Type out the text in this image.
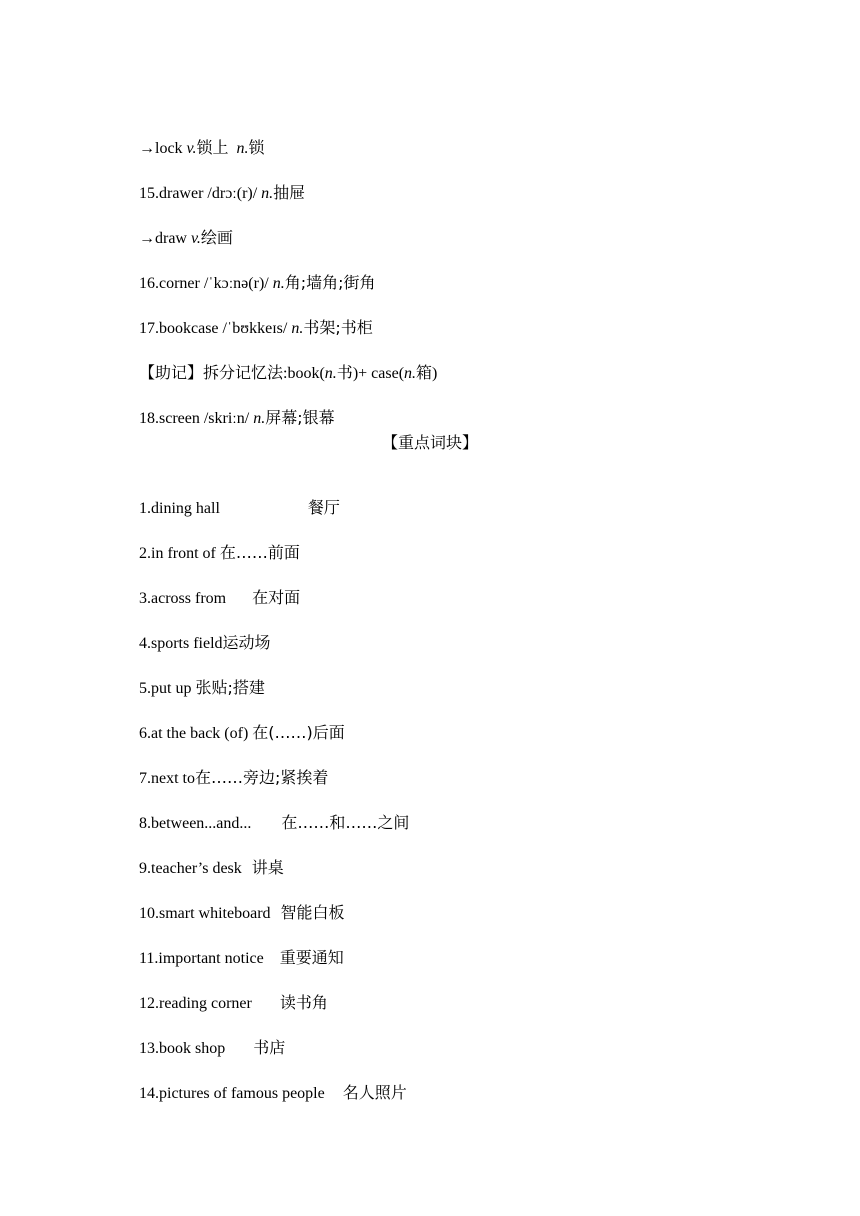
→lock v.锁上 n.锁

15.drawer /drɔː(r)/ n.抽屉

→draw v.绘画

16.corner /ˈkɔːnə(r)/ n.角;墙角;街角

17.bookcase /ˈbʊkkeɪs/ n.书架;书柜

【助记】拆分记忆法:book(n.书)+ case(n.箱)

18.screen /skriːn/ n.屏幕;银幕

【重点词块】

1.dining hall	餐厅

2.in front of 在……前面

3.across from 在对面

4.sports field运动场

5.put up 张贴;搭建

6.at the back (of) 在(……)后面

7.next to在……旁边;紧挨着

8.between...and... 在……和……之间

9.teacher’s desk 讲桌

10.smart whiteboard 智能白板

11.important notice 重要通知

12.reading corner 读书角

13.book shop 书店

14.pictures of famous people 名人照片
